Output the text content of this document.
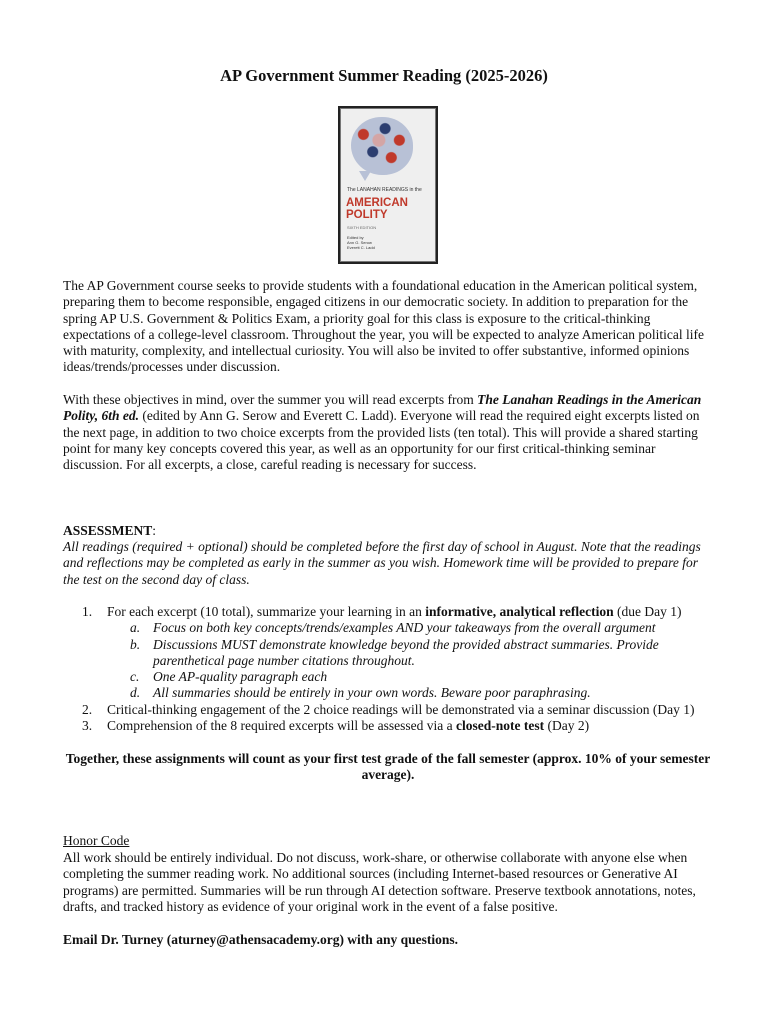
AP Government Summer Reading (2025-2026)
The LANAHAN READINGS in the
AMERICAN POLITY
SIXTH EDITION
Edited by
Ann G. Serow
Everett C. Ladd
The AP Government course seeks to provide students with a foundational education in the American political system, preparing them to become responsible, engaged citizens in our democratic society. In addition to preparation for the spring AP U.S. Government & Politics Exam, a priority goal for this class is exposure to the critical-thinking expectations of a college-level classroom. Throughout the year, you will be expected to analyze American political life with maturity, complexity, and intellectual curiosity. You will also be invited to offer substantive, informed opinions ideas/trends/processes under discussion.
With these objectives in mind, over the summer you will read excerpts from The Lanahan Readings in the American Polity, 6th ed. (edited by Ann G. Serow and Everett C. Ladd). Everyone will read the required eight excerpts listed on the next page, in addition to two choice excerpts from the provided lists (ten total). This will provide a shared starting point for many key concepts covered this year, as well as an opportunity for our first critical-thinking seminar discussion. For all excerpts, a close, careful reading is necessary for success.
ASSESSMENT:
All readings (required + optional) should be completed before the first day of school in August. Note that the readings and reflections may be completed as early in the summer as you wish. Homework time will be provided to prepare for the test on the second day of class.
1.	For each excerpt (10 total), summarize your learning in an informative, analytical reflection (due Day 1)
a. Focus on both key concepts/trends/examples AND your takeaways from the overall argument
b. Discussions MUST demonstrate knowledge beyond the provided abstract summaries. Provide parenthetical page number citations throughout.
c.	One AP-quality paragraph each
d. All summaries should be entirely in your own words. Beware poor paraphrasing.
2.	Critical-thinking engagement of the 2 choice readings will be demonstrated via a seminar discussion (Day 1)
3.	Comprehension of the 8 required excerpts will be assessed via a closed-note test (Day 2)
Together, these assignments will count as your first test grade of the fall semester (approx. 10% of your semester average).
Honor Code
All work should be entirely individual. Do not discuss, work-share, or otherwise collaborate with anyone else when completing the summer reading work. No additional sources (including Internet-based resources or Generative AI programs) are permitted. Summaries will be run through AI detection software. Preserve textbook annotations, notes, drafts, and tracked history as evidence of your original work in the event of a false positive.
Email Dr. Turney (aturney@athensacademy.org) with any questions.
